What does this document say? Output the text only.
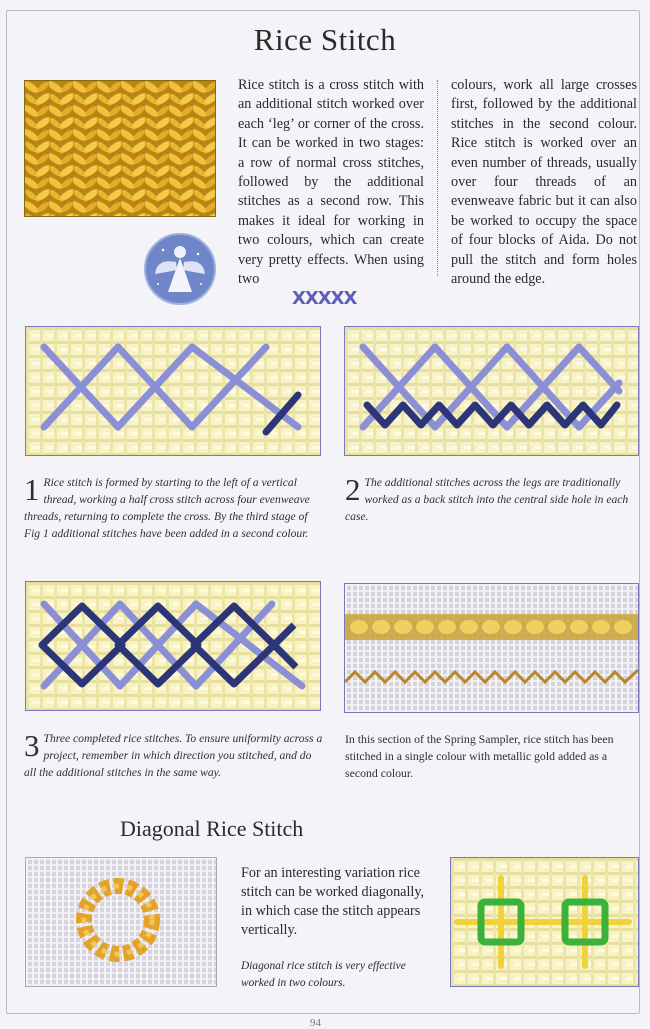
Rice Stitch
Rice stitch is a cross stitch with an additional stitch worked over each ‘leg’ or corner of the cross. It can be worked in two stages: a row of normal cross stitches, followed by the additional stitches as a second row. This makes it ideal for working in two colours, which can create very pretty effects. When using two
colours, work all large crosses first, followed by the additional stitches in the second colour. Rice stitch is worked over an even number of threads, usually over four threads of an evenweave fabric but it can also be worked to occupy the space of four blocks of Aida. Do not pull the stitch and form holes around the edge.
XXXXX
1 Rice stitch is formed by starting to the left of a vertical thread, working a half cross stitch across four evenweave threads, returning to complete the cross. By the third stage of Fig 1 additional stitches have been added in a second colour.
2 The additional stitches across the legs are traditionally worked as a back stitch into the central side hole in each case.
3 Three completed rice stitches. To ensure uniformity across a project, remember in which direction you stitched, and do all the additional stitches in the same way.
In this section of the Spring Sampler, rice stitch has been stitched in a single colour with metallic gold added as a second colour.
Diagonal Rice Stitch
For an interesting variation rice stitch can be worked diagonally, in which case the stitch appears vertically.
Diagonal rice stitch is very effective worked in two colours.
94
